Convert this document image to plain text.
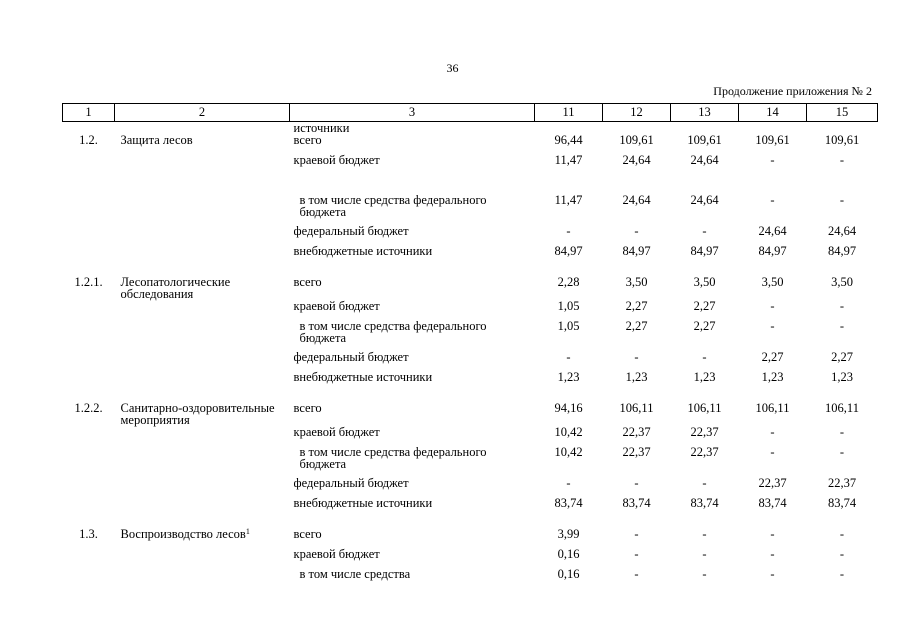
36
Продолжение приложения № 2
1	2	3	11	12	13	14	15
		источники					
1.2.	Защита лесов	всего	96,44	109,61	109,61	109,61	109,61
		краевой бюджет	11,47	24,64	24,64	-	-
		в том числе средства федерального бюджета	11,47	24,64	24,64	-	-
		федеральный бюджет	-	-	-	24,64	24,64
		внебюджетные источники	84,97	84,97	84,97	84,97	84,97
1.2.1.	Лесопатологические обследования	всего	2,28	3,50	3,50	3,50	3,50
		краевой бюджет	1,05	2,27	2,27	-	-
		в том числе средства федерального бюджета	1,05	2,27	2,27	-	-
		федеральный бюджет	-	-	-	2,27	2,27
		внебюджетные источники	1,23	1,23	1,23	1,23	1,23
1.2.2.	Санитарно-оздоровительные мероприятия	всего	94,16	106,11	106,11	106,11	106,11
		краевой бюджет	10,42	22,37	22,37	-	-
		в том числе средства федерального бюджета	10,42	22,37	22,37	-	-
		федеральный бюджет	-	-	-	22,37	22,37
		внебюджетные источники	83,74	83,74	83,74	83,74	83,74
1.3.	Воспроизводство лесов$^1$	всего	3,99	-	-	-	-
		краевой бюджет	0,16	-	-	-	-
		в том числе средства	0,16	-	-	-	-
